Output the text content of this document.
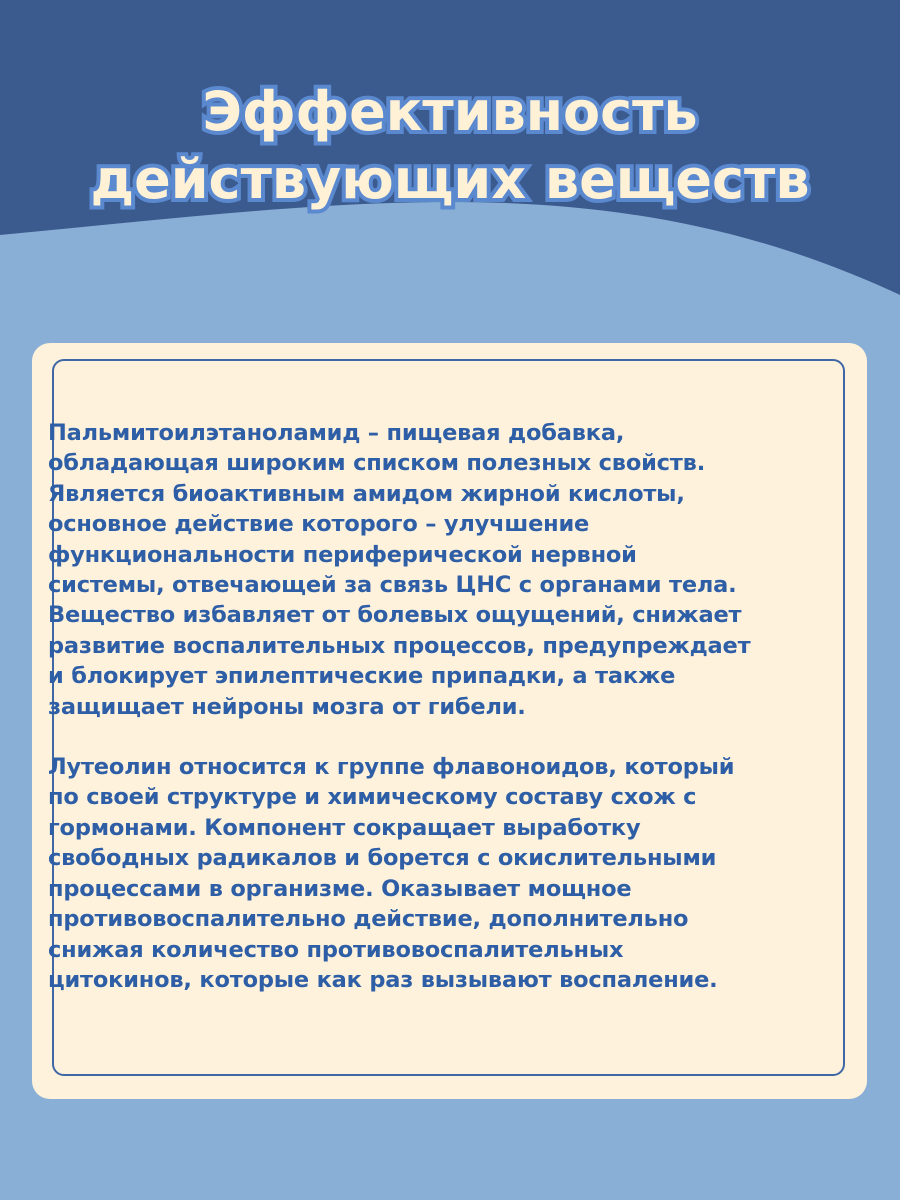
Эффективность
действующих веществ

Пальмитоилэтаноламид – пищевая добавка,
обладающая широким списком полезных свойств.
Является биоактивным амидом жирной кислоты,
основное действие которого – улучшение
функциональности периферической нервной
системы, отвечающей за связь ЦНС с органами тела.
Вещество избавляет от болевых ощущений, снижает
развитие воспалительных процессов, предупреждает
и блокирует эпилептические припадки, а также
защищает нейроны мозга от гибели.

Лутеолин относится к группе флавоноидов, который
по своей структуре и химическому составу схож с
гормонами. Компонент сокращает выработку
свободных радикалов и борется с окислительными
процессами в организме. Оказывает мощное
противовоспалительно действие, дополнительно
снижая количество противовоспалительных
цитокинов, которые как раз вызывают воспаление.
